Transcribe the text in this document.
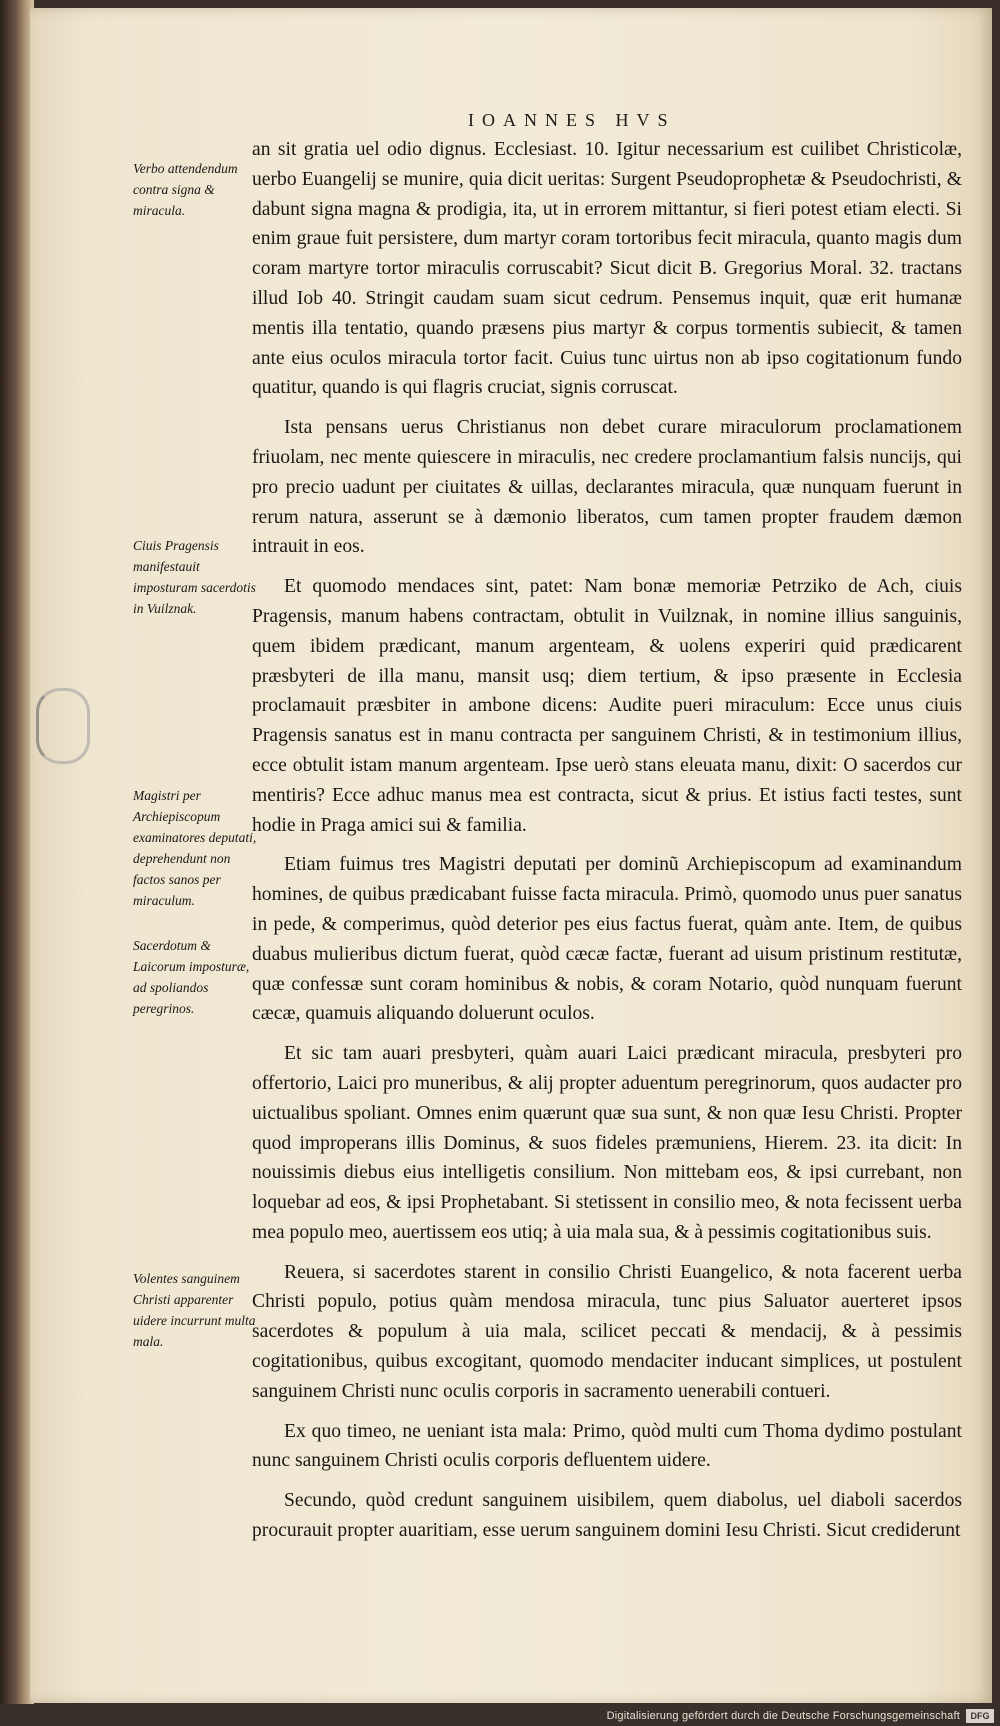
IOANNES HVS
Verbo attendendum contra signa & miracula.
Ciuis Pragensis manifestauit imposturam sacerdotis in Vuilznak.
Magistri per Archiepiscopum examinatores deputati, deprehendunt non factos sanos per miraculum.
Sacerdotum & Laicorum imposturæ, ad spoliandos peregrinos.
Volentes sanguinem Christi apparenter uidere incurrunt multa mala.

an sit gratia uel odio dignus. Ecclesiast. 10. Igitur necessarium est cuilibet Christicolæ, uerbo Euangelij se munire, quia dicit ueritas: Surgent Pseudoprophetæ & Pseudochristi, & dabunt signa magna & prodigia, ita, ut in errorem mittantur, si fieri potest etiam electi. Si enim graue fuit persistere, dum martyr coram tortoribus fecit miracula, quanto magis dum coram martyre tortor miraculis corruscabit? Sicut dicit B. Gregorius Moral. 32. tractans illud Iob 40. Stringit caudam suam sicut cedrum. Pensemus inquit, quæ erit humanæ mentis illa tentatio, quando præsens pius martyr & corpus tormentis subiecit, & tamen ante eius oculos miracula tortor facit. Cuius tunc uirtus non ab ipso cogitationum fundo quatitur, quando is qui flagris cruciat, signis corruscat.

Ista pensans uerus Christianus non debet curare miraculorum proclamationem friuolam, nec mente quiescere in miraculis, nec credere proclamantium falsis nuncijs, qui pro precio uadunt per ciuitates & uillas, declarantes miracula, quæ nunquam fuerunt in rerum natura, asserunt se à dæmonio liberatos, cum tamen propter fraudem dæmon intrauit in eos.

Et quomodo mendaces sint, patet: Nam bonæ memoriæ Petrziko de Ach, ciuis Pragensis, manum habens contractam, obtulit in Vuilznak, in nomine illius sanguinis, quem ibidem prædicant, manum argenteam, & uolens experiri quid prædicarent præsbyteri de illa manu, mansit usq; diem tertium, & ipso præsente in Ecclesia proclamauit præsbiter in ambone dicens: Audite pueri miraculum: Ecce unus ciuis Pragensis sanatus est in manu contracta per sanguinem Christi, & in testimonium illius, ecce obtulit istam manum argenteam. Ipse uerò stans eleuata manu, dixit: O sacerdos cur mentiris? Ecce adhuc manus mea est contracta, sicut & prius. Et istius facti testes, sunt hodie in Praga amici sui & familia.

Etiam fuimus tres Magistri deputati per dominũ Archiepiscopum ad examinandum homines, de quibus prædicabant fuisse facta miracula. Primò, quomodo unus puer sanatus in pede, & comperimus, quòd deterior pes eius factus fuerat, quàm ante. Item, de quibus duabus mulieribus dictum fuerat, quòd cæcæ factæ, fuerant ad uisum pristinum restitutæ, quæ confessæ sunt coram hominibus & nobis, & coram Notario, quòd nunquam fuerunt cæcæ, quamuis aliquando doluerunt oculos.

Et sic tam auari presbyteri, quàm auari Laici prædicant miracula, presbyteri pro offertorio, Laici pro muneribus, & alij propter aduentum peregrinorum, quos audacter pro uictualibus spoliant. Omnes enim quærunt quæ sua sunt, & non quæ Iesu Christi. Propter quod improperans illis Dominus, & suos fideles præmuniens, Hierem. 23. ita dicit: In nouissimis diebus eius intelligetis consilium. Non mittebam eos, & ipsi currebant, non loquebar ad eos, & ipsi Prophetabant. Si stetissent in consilio meo, & nota fecissent uerba mea populo meo, auertissem eos utiq; à uia mala sua, & à pessimis cogitationibus suis.

Reuera, si sacerdotes starent in consilio Christi Euangelico, & nota facerent uerba Christi populo, potius quàm mendosa miracula, tunc pius Saluator auerteret ipsos sacerdotes & populum à uia mala, scilicet peccati & mendacij, & à pessimis cogitationibus, quibus excogitant, quomodo mendaciter inducant simplices, ut postulent sanguinem Christi nunc oculis corporis in sacramento uenerabili contueri.

Ex quo timeo, ne ueniant ista mala: Primo, quòd multi cum Thoma dydimo postulant nunc sanguinem Christi oculis corporis defluentem uidere.

Secundo, quòd credunt sanguinem uisibilem, quem diabolus, uel diaboli sacerdos procurauit propter auaritiam, esse uerum sanguinem domini Iesu Christi. Sicut crediderunt

Digitalisierung gefördert durch die Deutsche Forschungsgemeinschaft	DFG
